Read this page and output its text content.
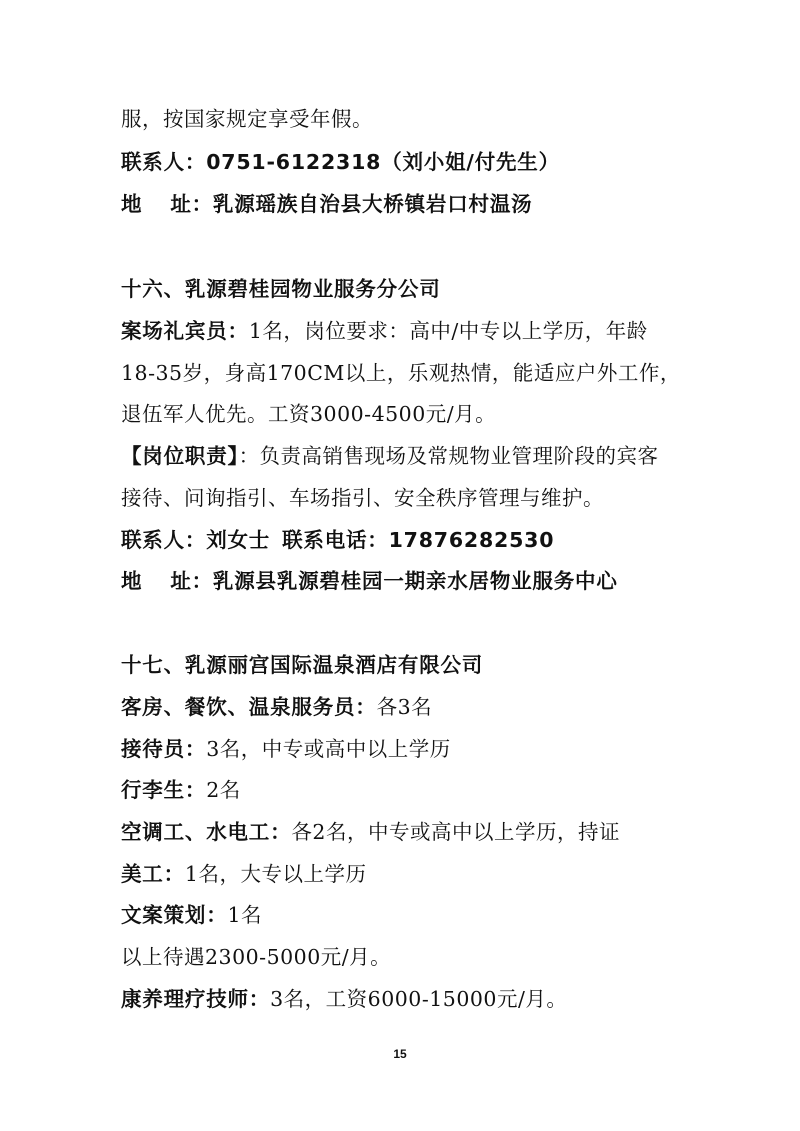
服，按国家规定享受年假。
联系人：0751-6122318（刘小姐/付先生）
地 址：乳源瑶族自治县大桥镇岩口村温汤
十六、乳源碧桂园物业服务分公司
案场礼宾员：1名，岗位要求：高中/中专以上学历，年龄
18-35岁，身高170CM以上，乐观热情，能适应户外工作，
退伍军人优先。工资3000-4500元/月。
【岗位职责】：负责高销售现场及常规物业管理阶段的宾客
接待、问询指引、车场指引、安全秩序管理与维护。
联系人：刘女士 联系电话：17876282530
地 址：乳源县乳源碧桂园一期亲水居物业服务中心
十七、乳源丽宫国际温泉酒店有限公司
客房、餐饮、温泉服务员：各3名
接待员：3名，中专或高中以上学历
行李生：2名
空调工、水电工：各2名，中专或高中以上学历，持证
美工：1名，大专以上学历
文案策划：1名
以上待遇2300-5000元/月。
康养理疗技师：3名，工资6000-15000元/月。
15
